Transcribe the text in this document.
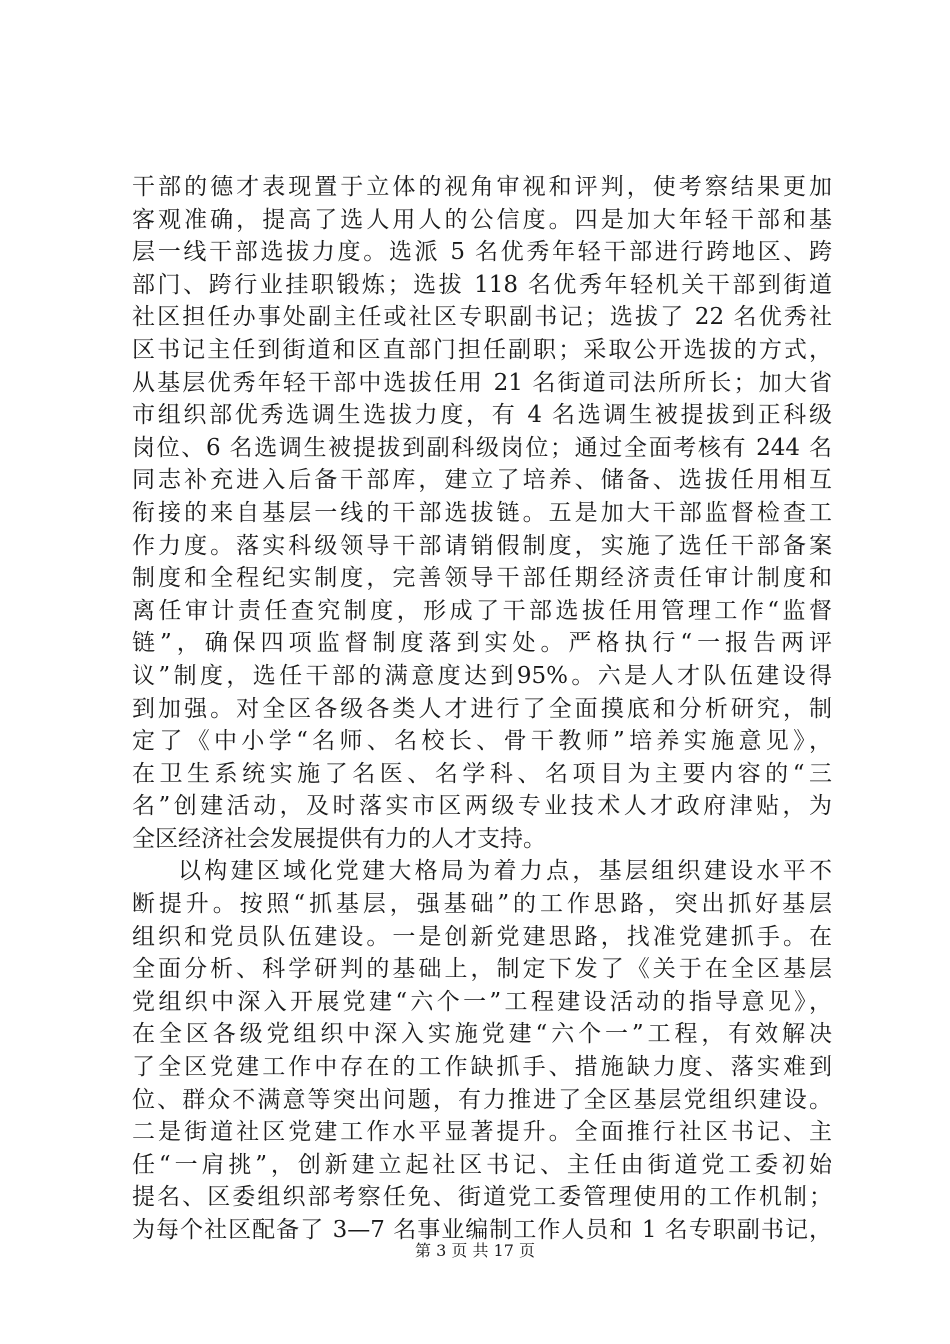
干部的德才表现置于立体的视角审视和评判，使考察结果更加
客观准确，提高了选人用人的公信度。四是加大年轻干部和基
层一线干部选拔力度。选派 5 名优秀年轻干部进行跨地区、跨
部门、跨行业挂职锻炼；选拔 118 名优秀年轻机关干部到街道
社区担任办事处副主任或社区专职副书记；选拔了 22 名优秀社
区书记主任到街道和区直部门担任副职；采取公开选拔的方式，
从基层优秀年轻干部中选拔任用 21 名街道司法所所长；加大省
市组织部优秀选调生选拔力度，有 4 名选调生被提拔到正科级
岗位、6 名选调生被提拔到副科级岗位；通过全面考核有 244 名
同志补充进入后备干部库，建立了培养、储备、选拔任用相互
衔接的来自基层一线的干部选拔链。五是加大干部监督检查工
作力度。落实科级领导干部请销假制度，实施了选任干部备案
制度和全程纪实制度，完善领导干部任期经济责任审计制度和
离任审计责任查究制度，形成了干部选拔任用管理工作“监督
链”，确保四项监督制度落到实处。严格执行“一报告两评
议”制度，选任干部的满意度达到95%。六是人才队伍建设得
到加强。对全区各级各类人才进行了全面摸底和分析研究，制
定了《中小学“名师、名校长、骨干教师”培养实施意见》，
在卫生系统实施了名医、名学科、名项目为主要内容的“三
名”创建活动，及时落实市区两级专业技术人才政府津贴，为
全区经济社会发展提供有力的人才支持。
以构建区域化党建大格局为着力点，基层组织建设水平不
断提升。按照“抓基层，强基础”的工作思路，突出抓好基层
组织和党员队伍建设。一是创新党建思路，找准党建抓手。在
全面分析、科学研判的基础上，制定下发了《关于在全区基层
党组织中深入开展党建“六个一”工程建设活动的指导意见》，
在全区各级党组织中深入实施党建“六个一”工程，有效解决
了全区党建工作中存在的工作缺抓手、措施缺力度、落实难到
位、群众不满意等突出问题，有力推进了全区基层党组织建设。
二是街道社区党建工作水平显著提升。全面推行社区书记、主
任“一肩挑”，创新建立起社区书记、主任由街道党工委初始
提名、区委组织部考察任免、街道党工委管理使用的工作机制；
为每个社区配备了 3—7 名事业编制工作人员和 1 名专职副书记，
第 3 页 共 17 页
